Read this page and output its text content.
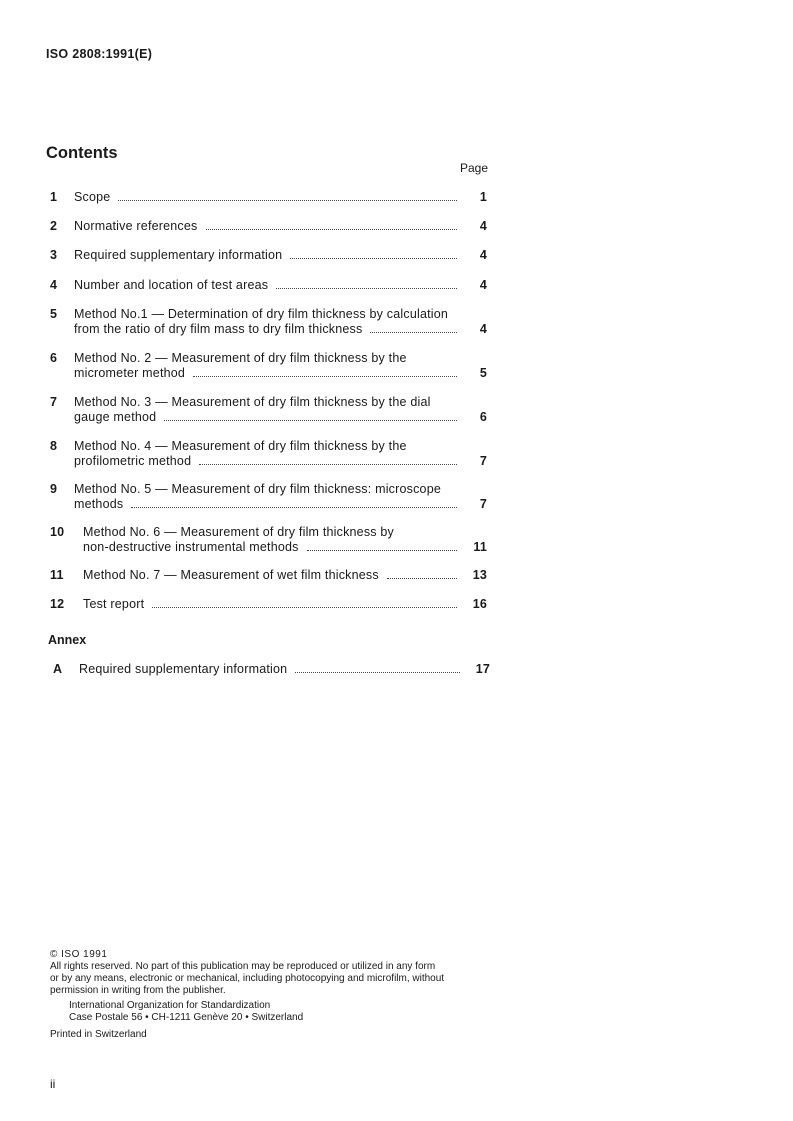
ISO 2808:1991(E)
Contents
Page
1 Scope	1
2 Normative references	4
3 Required supplementary information	4
4 Number and location of test areas	4
5 Method No.1 — Determination of dry film thickness by calculation
from the ratio of dry film mass to dry film thickness	4
6 Method No. 2 — Measurement of dry film thickness by the
micrometer method	5
7 Method No. 3 — Measurement of dry film thickness by the dial
gauge method	6
8 Method No. 4 — Measurement of dry film thickness by the
profilometric method	7
9 Method No. 5 — Measurement of dry film thickness: microscope
methods	7
10 Method No. 6 — Measurement of dry film thickness by
non-destructive instrumental methods	11
11 Method No. 7 — Measurement of wet film thickness	13
12 Test report	16
Annex
A Required supplementary information	17
© ISO 1991
All rights reserved. No part of this publication may be reproduced or utilized in any form
or by any means, electronic or mechanical, including photocopying and microfilm, without
permission in writing from the publisher.
International Organization for Standardization
Case Postale 56 • CH-1211 Genève 20 • Switzerland
Printed in Switzerland
ii
